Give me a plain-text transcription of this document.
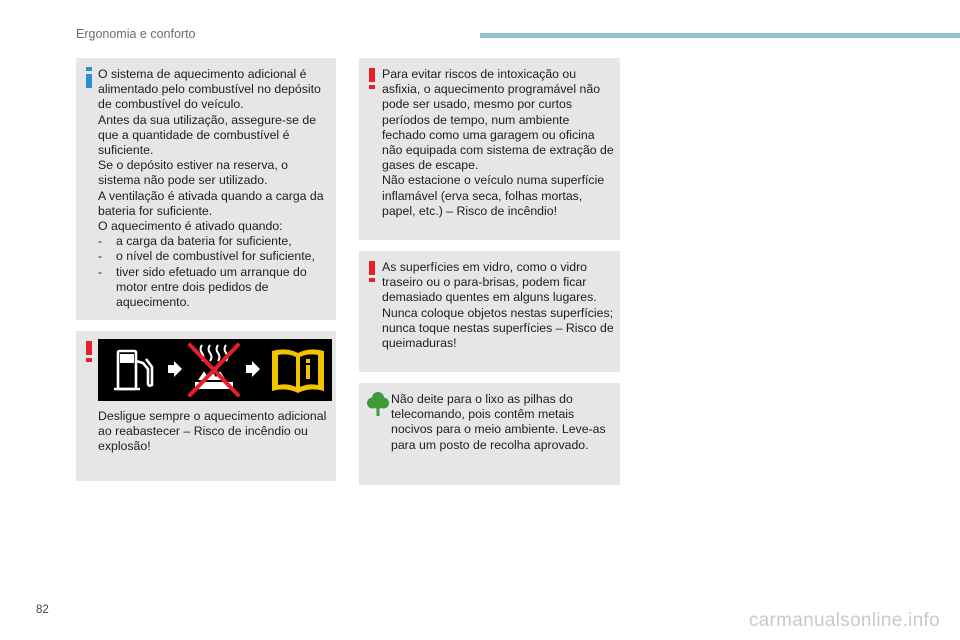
Ergonomia e conforto

O sistema de aquecimento adicional é alimentado pelo combustível no depósito de combustível do veículo.

Antes da sua utilização, assegure-se de que a quantidade de combustível é suficiente.

Se o depósito estiver na reserva, o sistema não pode ser utilizado.

A ventilação é ativada quando a carga da bateria for suficiente.

O aquecimento é ativado quando:

- a carga da bateria for suficiente,
- o nível de combustível for suficiente,
- tiver sido efetuado um arranque do motor entre dois pedidos de aquecimento.
Desligue sempre o aquecimento adicional ao reabastecer – Risco de incêndio ou explosão!

Para evitar riscos de intoxicação ou asfixia, o aquecimento programável não pode ser usado, mesmo por curtos períodos de tempo, num ambiente fechado como uma garagem ou oficina não equipada com sistema de extração de gases de escape.

Não estacione o veículo numa superfície inflamável (erva seca, folhas mortas, papel, etc.) – Risco de incêndio!

As superfícies em vidro, como o vidro traseiro ou o para-brisas, podem ficar demasiado quentes em alguns lugares. Nunca coloque objetos nestas superfícies; nunca toque nestas superfícies – Risco de queimaduras!
Não deite para o lixo as pilhas do telecomando, pois contêm metais nocivos para o meio ambiente. Leve-as para um posto de recolha aprovado.
82	carmanualsonline.info
